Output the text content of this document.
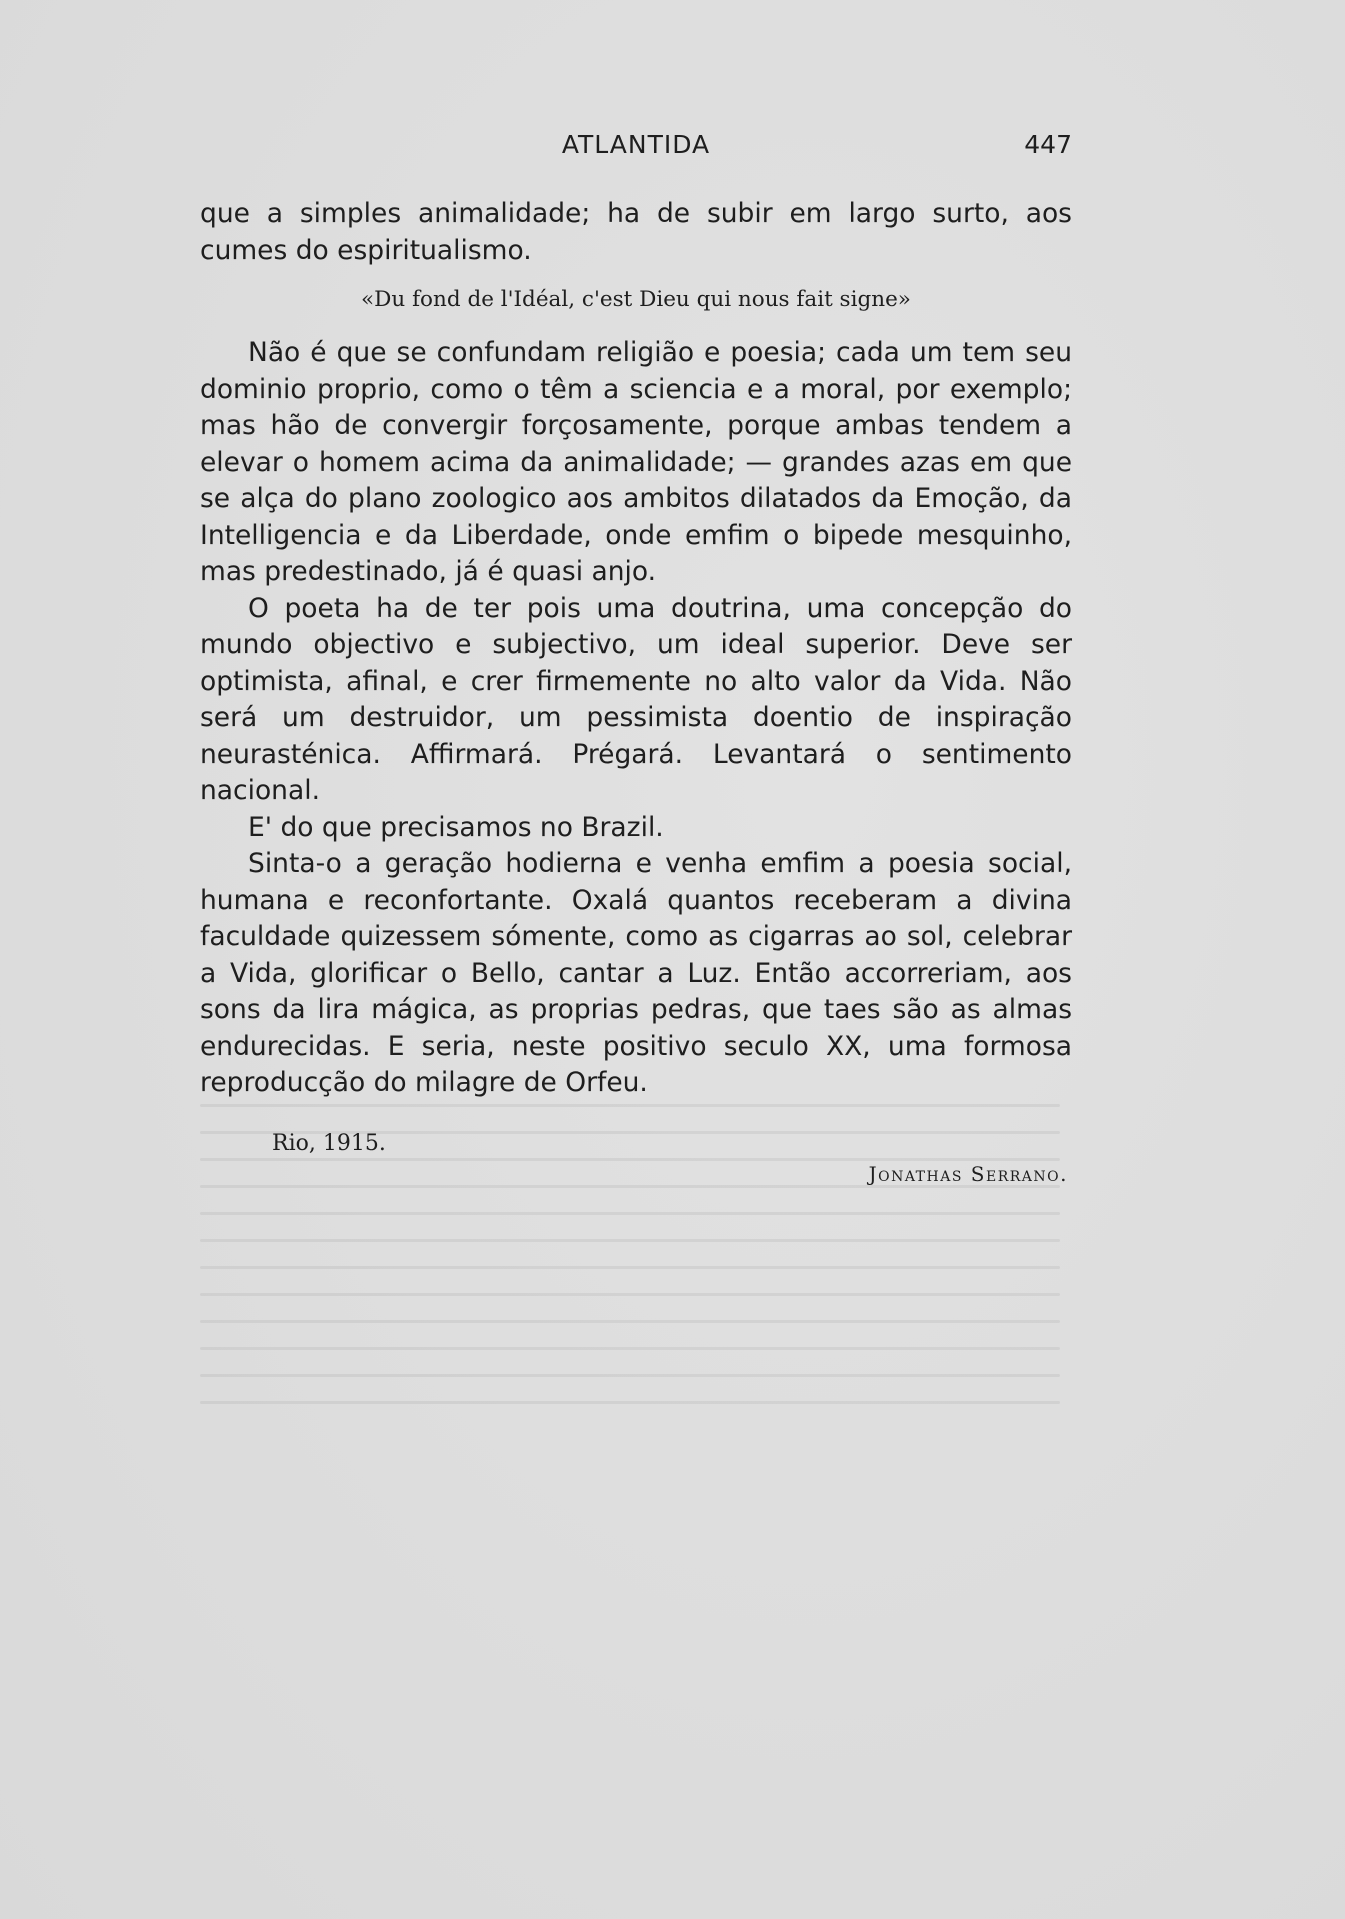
ATLANTIDA	447

que a simples animalidade; ha de subir em largo surto, aos cumes do espiritualismo.

«Du fond de l'Idéal, c'est Dieu qui nous fait signe»

Não é que se confundam religião e poesia; cada um tem seu dominio proprio, como o têm a sciencia e a moral, por exemplo; mas hão de convergir forçosamente, porque ambas tendem a elevar o homem acima da animalidade; — grandes azas em que se alça do plano zoologico aos ambitos dilatados da Emoção, da Intelligencia e da Liberdade, onde emfim o bipede mesquinho, mas predestinado, já é quasi anjo.

O poeta ha de ter pois uma doutrina, uma concepção do mundo objectivo e subjectivo, um ideal superior. Deve ser optimista, afinal, e crer firmemente no alto valor da Vida. Não será um destruidor, um pessimista doentio de inspiração neurasténica. Affirmará. Prégará. Levantará o sentimento nacional.

E' do que precisamos no Brazil.

Sinta-o a geração hodierna e venha emfim a poesia social, humana e reconfortante. Oxalá quantos receberam a divina faculdade quizessem sómente, como as cigarras ao sol, celebrar a Vida, glorificar o Bello, cantar a Luz. Então accorreriam, aos sons da lira mágica, as proprias pedras, que taes são as almas endurecidas. E seria, neste positivo seculo XX, uma formosa reproducção do milagre de Orfeu.

Rio, 1915.
Jonathas Serrano.
